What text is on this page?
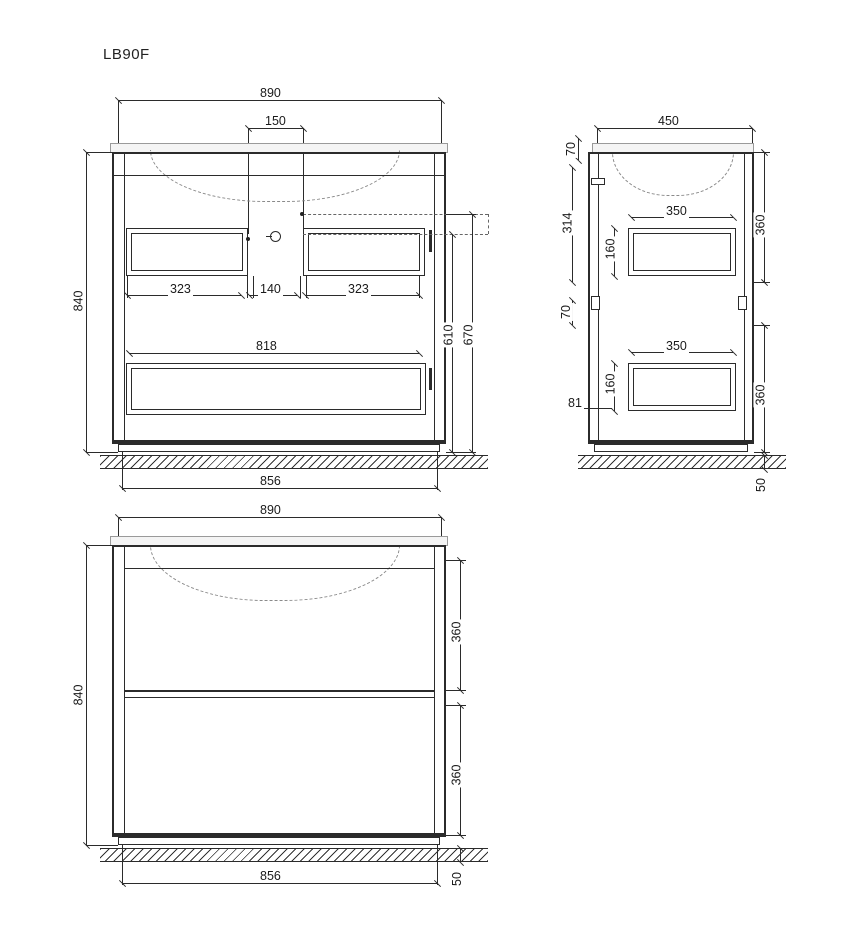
LB90F
890
150
323	140	323
818
840
610 670
856
450
70
350
350
160
160
314
70
81
360
360
50
890
840
360
360
856	50
